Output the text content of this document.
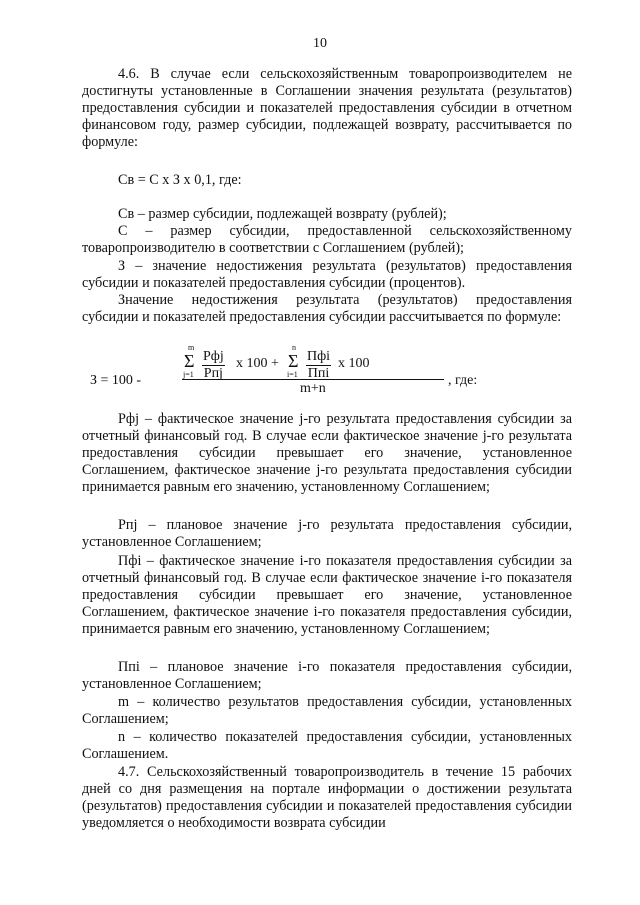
10
4.6. В случае если сельскохозяйственным товаропроизводителем не достигнуты установленные в Соглашении значения результата (результатов) предоставления субсидии и показателей предоставления субсидии в отчетном финансовом году, размер субсидии, подлежащей возврату, рассчитывается по формуле:
Св = С х З х 0,1, где:
Св – размер субсидии, подлежащей возврату (рублей);
С – размер субсидии, предоставленной сельскохозяйственному товаропроизводителю в соответствии с Соглашением (рублей);
З – значение недостижения результата (результатов) предоставления субсидии и показателей предоставления субсидии (процентов).
Значение недостижения результата (результатов) предоставления субсидии и показателей предоставления субсидии рассчитывается по формуле:
З = 100 -
m
Σ
j=1
Рфj
Рпj
х 100 +
n
Σ
i=1
Пфi
Ппi
х 100
m+n
, где:
Рфj – фактическое значение j-го результата предоставления субсидии за отчетный финансовый год. В случае если фактическое значение j-го результата предоставления субсидии превышает его значение, установленное Соглашением, фактическое значение j-го результата предоставления субсидии принимается равным его значению, установленному Соглашением;
Рпj – плановое значение j-го результата предоставления субсидии, установленное Соглашением;
Пфi – фактическое значение i-го показателя предоставления субсидии за отчетный финансовый год. В случае если фактическое значение i-го показателя предоставления субсидии превышает его значение, установленное Соглашением, фактическое значение i-го показателя предоставления субсидии, принимается равным его значению, установленному Соглашением;
Ппi – плановое значение i-го показателя предоставления субсидии, установленное Соглашением;
m – количество результатов предоставления субсидии, установленных Соглашением;
n – количество показателей предоставления субсидии, установленных Соглашением.
4.7. Сельскохозяйственный товаропроизводитель в течение 15 рабочих дней со дня размещения на портале информации о достижении результата (результатов) предоставления субсидии и показателей предоставления субсидии уведомляется о необходимости возврата субсидии
